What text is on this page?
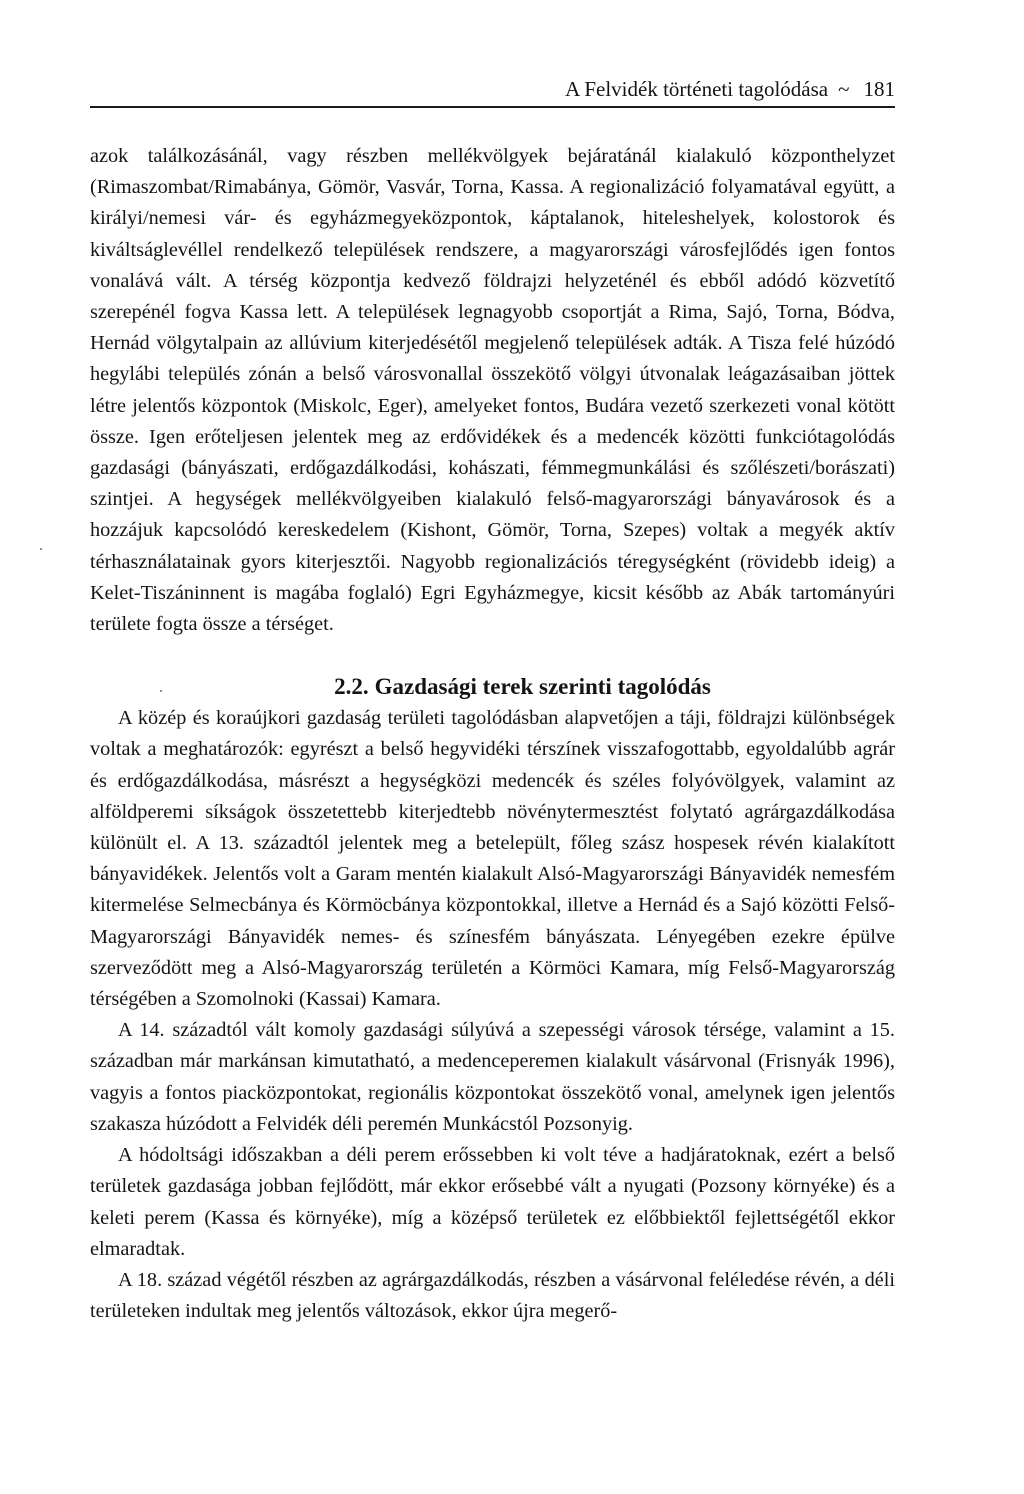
A Felvidék történeti tagolódása ~ 181

azok találkozásánál, vagy részben mellékvölgyek bejáratánál kialakuló központhelyzet (Rimaszombat/Rimabánya, Gömör, Vasvár, Torna, Kassa. A regionalizáció folyamatával együtt, a királyi/nemesi vár- és egyházmegyeközpontok, káptalanok, hiteleshelyek, kolostorok és kiváltságlevéllel rendelkező települések rendszere, a magyarországi városfejlődés igen fontos vonalává vált. A térség központja kedvező földrajzi helyzeténél és ebből adódó közvetítő szerepénél fogva Kassa lett. A települések legnagyobb csoportját a Rima, Sajó, Torna, Bódva, Hernád völgytalpain az allúvium kiterjedésétől megjelenő települések adták. A Tisza felé húzódó hegylábi település zónán a belső városvonallal összekötő völgyi útvonalak leágazásaiban jöttek létre jelentős központok (Miskolc, Eger), amelyeket fontos, Budára vezető szerkezeti vonal kötött össze. Igen erőteljesen jelentek meg az erdővidékek és a medencék közötti funkciótagolódás gazdasági (bányászati, erdőgazdálkodási, kohászati, fémmegmunkálási és szőlészeti/borászati) szintjei. A hegységek mellékvölgyeiben kialakuló felső-magyarországi bányavárosok és a hozzájuk kapcsolódó kereskedelem (Kishont, Gömör, Torna, Szepes) voltak a megyék aktív térhasználatainak gyors kiterjesztői. Nagyobb regionalizációs téregységként (rövidebb ideig) a Kelet-Tiszáninnent is magába foglaló) Egri Egyházmegye, kicsit később az Abák tartományúri területe fogta össze a térséget.

2.2. Gazdasági terek szerinti tagolódás

A közép és koraújkori gazdaság területi tagolódásban alapvetőjen a táji, földrajzi különbségek voltak a meghatározók: egyrészt a belső hegyvidéki térszínek visszafogottabb, egyoldalúbb agrár és erdőgazdálkodása, másrészt a hegységközi medencék és széles folyóvölgyek, valamint az alföldperemi síkságok összetettebb kiterjedtebb növénytermesztést folytató agrárgazdálkodása különült el. A 13. századtól jelentek meg a betelepült, főleg szász hospesek révén kialakított bányavidékek. Jelentős volt a Garam mentén kialakult Alsó-Magyarországi Bányavidék nemesfém kitermelése Selmecbánya és Körmöcbánya központokkal, illetve a Hernád és a Sajó közötti Felső-Magyarországi Bányavidék nemes- és színesfém bányászata. Lényegében ezekre épülve szerveződött meg a Alsó-Magyarország területén a Körmöci Kamara, míg Felső-Magyarország térségében a Szomolnoki (Kassai) Kamara.

A 14. századtól vált komoly gazdasági súlyúvá a szepességi városok térsége, valamint a 15. században már markánsan kimutatható, a medenceperemen kialakult vásárvonal (Frisnyák 1996), vagyis a fontos piacközpontokat, regionális központokat összekötő vonal, amelynek igen jelentős szakasza húzódott a Felvidék déli peremén Munkácstól Pozsonyig.

A hódoltsági időszakban a déli perem erőssebben ki volt téve a hadjáratoknak, ezért a belső területek gazdasága jobban fejlődött, már ekkor erősebbé vált a nyugati (Pozsony környéke) és a keleti perem (Kassa és környéke), míg a középső területek ez előbbiektől fejlettségétől ekkor elmaradtak.

A 18. század végétől részben az agrárgazdálkodás, részben a vásárvonal feléledése révén, a déli területeken indultak meg jelentős változások, ekkor újra megerő-
